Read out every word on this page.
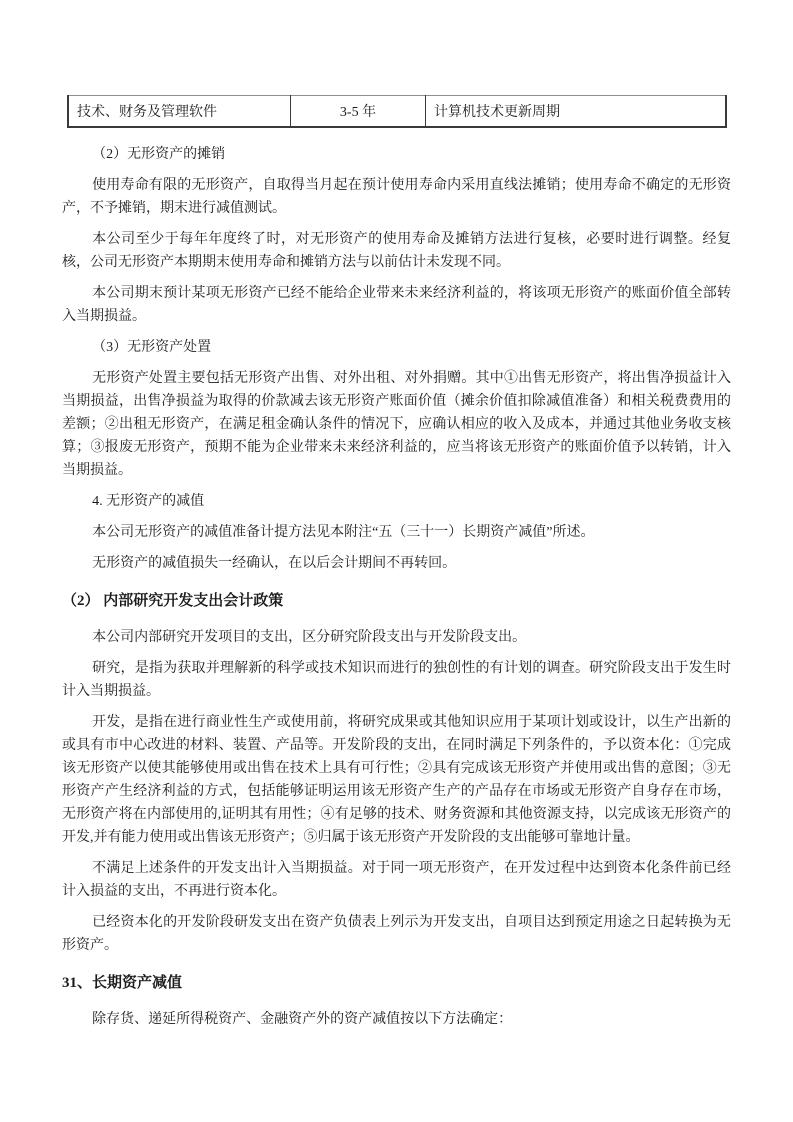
技术、财务及管理软件	3-5 年	计算机技术更新周期

（2）无形资产的摊销

使用寿命有限的无形资产，自取得当月起在预计使用寿命内采用直线法摊销；使用寿命不确定的无形资产，不予摊销，期末进行减值测试。

本公司至少于每年年度终了时，对无形资产的使用寿命及摊销方法进行复核，必要时进行调整。经复核，公司无形资产本期期末使用寿命和摊销方法与以前估计未发现不同。

本公司期末预计某项无形资产已经不能给企业带来未来经济利益的，将该项无形资产的账面价值全部转入当期损益。

（3）无形资产处置

无形资产处置主要包括无形资产出售、对外出租、对外捐赠。其中①出售无形资产，将出售净损益计入当期损益，出售净损益为取得的价款减去该无形资产账面价值（摊余价值扣除减值准备）和相关税费费用的差额；②出租无形资产，在满足租金确认条件的情况下，应确认相应的收入及成本，并通过其他业务收支核算；③报废无形资产，预期不能为企业带来未来经济利益的，应当将该无形资产的账面价值予以转销，计入当期损益。

4. 无形资产的减值

本公司无形资产的减值准备计提方法见本附注“五（三十一）长期资产减值”所述。

无形资产的减值损失一经确认，在以后会计期间不再转回。

（2） 内部研究开发支出会计政策

本公司内部研究开发项目的支出，区分研究阶段支出与开发阶段支出。

研究，是指为获取并理解新的科学或技术知识而进行的独创性的有计划的调查。研究阶段支出于发生时计入当期损益。

开发，是指在进行商业性生产或使用前，将研究成果或其他知识应用于某项计划或设计，以生产出新的或具有市中心改进的材料、装置、产品等。开发阶段的支出，在同时满足下列条件的，予以资本化：①完成该无形资产以使其能够使用或出售在技术上具有可行性；②具有完成该无形资产并使用或出售的意图；③无形资产产生经济利益的方式，包括能够证明运用该无形资产生产的产品存在市场或无形资产自身存在市场，无形资产将在内部使用的,证明其有用性；④有足够的技术、财务资源和其他资源支持，以完成该无形资产的开发,并有能力使用或出售该无形资产；⑤归属于该无形资产开发阶段的支出能够可靠地计量。

不满足上述条件的开发支出计入当期损益。对于同一项无形资产，在开发过程中达到资本化条件前已经计入损益的支出，不再进行资本化。

已经资本化的开发阶段研发支出在资产负债表上列示为开发支出，自项目达到预定用途之日起转换为无形资产。

31、长期资产减值

除存货、递延所得税资产、金融资产外的资产减值按以下方法确定：
